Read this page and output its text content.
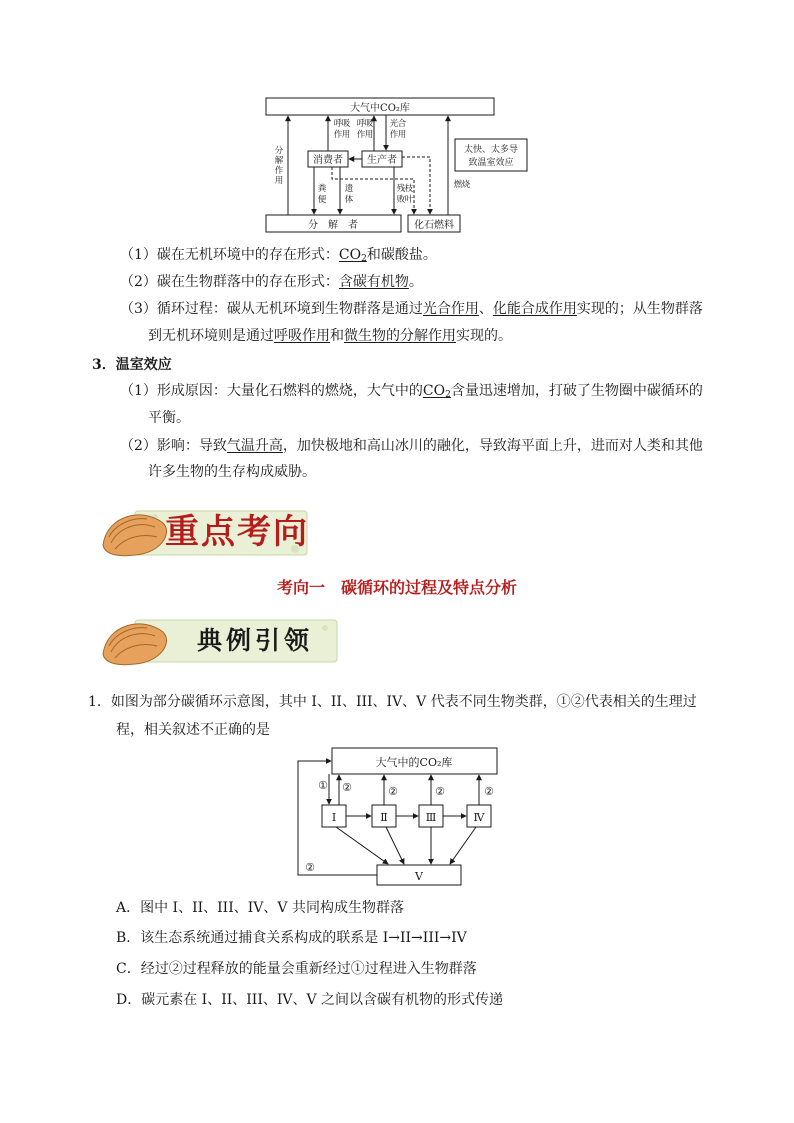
大气中CO₂库
消费者 生产者
分　解　者	化石燃料
太快、太多导
致温室效应
分
解
作
用
呼 吸
作 用
呼 吸
作 用
光 合
作 用
粪
便
遗
体
残 枝
败 叶
燃 烧
（1）碳在无机环境中的存在形式：$CO_2$和碳酸盐。
（2）碳在生物群落中的存在形式：含碳有机物。
（3）循环过程：碳从无机环境到生物群落是通过光合作用、化能合成作用实现的；从生物群落
到无机环境则是通过呼吸作用和微生物的分解作用实现的。
3．温室效应
（1）形成原因：大量化石燃料的燃烧，大气中的$CO_2$含量迅速增加，打破了生物圈中碳循环的
平衡。
（2）影响：导致气温升高，加快极地和高山冰川的融化，导致海平面上升，进而对人类和其他
许多生物的生存构成威胁。
重点考向
考向一　碳循环的过程及特点分析
典例引领
1．如图为部分碳循环示意图，其中 I、II、III、IV、V 代表不同生物类群，①②代表相关的生理过
程，相关叙述不正确的是
大气中的CO₂库
Ⅰ	Ⅱ	Ⅲ	Ⅳ
Ⅴ
① ②	②	②	②
②
A．图中 I、II、III、IV、V 共同构成生物群落
B．该生态系统通过捕食关系构成的联系是 I→II→III→IV
C．经过②过程释放的能量会重新经过①过程进入生物群落
D．碳元素在 I、II、III、IV、V 之间以含碳有机物的形式传递
